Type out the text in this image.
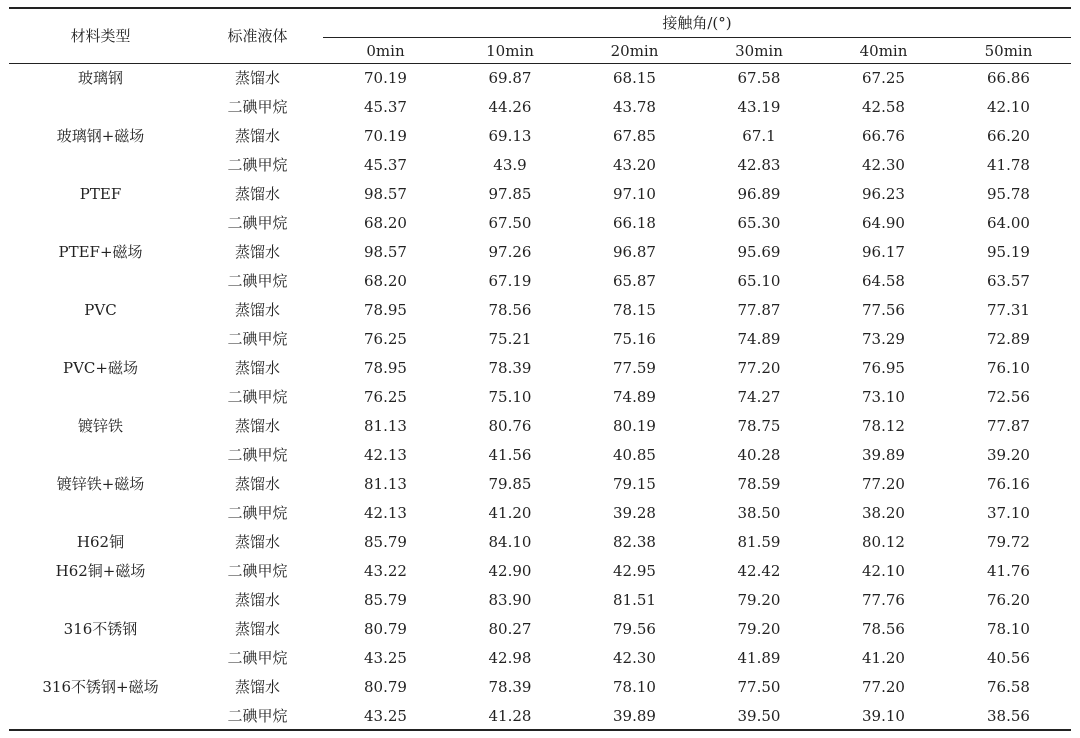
材料类型	标准液体
接触角/(°)
0min	10min	20min	30min	40min	50min
玻璃钢	蒸馏水	70.19	69.87	68.15	67.58	67.25	66.86
二碘甲烷	45.37	44.26	43.78	43.19	42.58	42.10
玻璃钢+磁场	蒸馏水	70.19	69.13	67.85	67.1	66.76	66.20
二碘甲烷	45.37	43.9	43.20	42.83	42.30	41.78
PTEF	蒸馏水	98.57	97.85	97.10	96.89	96.23	95.78
二碘甲烷	68.20	67.50	66.18	65.30	64.90	64.00
PTEF+磁场	蒸馏水	98.57	97.26	96.87	95.69	96.17	95.19
二碘甲烷	68.20	67.19	65.87	65.10	64.58	63.57
PVC	蒸馏水	78.95	78.56	78.15	77.87	77.56	77.31
二碘甲烷	76.25	75.21	75.16	74.89	73.29	72.89
PVC+磁场	蒸馏水	78.95	78.39	77.59	77.20	76.95	76.10
二碘甲烷	76.25	75.10	74.89	74.27	73.10	72.56
镀锌铁	蒸馏水	81.13	80.76	80.19	78.75	78.12	77.87
二碘甲烷	42.13	41.56	40.85	40.28	39.89	39.20
镀锌铁+磁场	蒸馏水	81.13	79.85	79.15	78.59	77.20	76.16
二碘甲烷	42.13	41.20	39.28	38.50	38.20	37.10
H62铜	蒸馏水	85.79	84.10	82.38	81.59	80.12	79.72
H62铜+磁场	二碘甲烷	43.22	42.90	42.95	42.42	42.10	41.76
蒸馏水	85.79	83.90	81.51	79.20	77.76	76.20
316不锈钢	蒸馏水	80.79	80.27	79.56	79.20	78.56	78.10
二碘甲烷	43.25	42.98	42.30	41.89	41.20	40.56
316不锈钢+磁场	蒸馏水	80.79	78.39	78.10	77.50	77.20	76.58
二碘甲烷	43.25	41.28	39.89	39.50	39.10	38.56
